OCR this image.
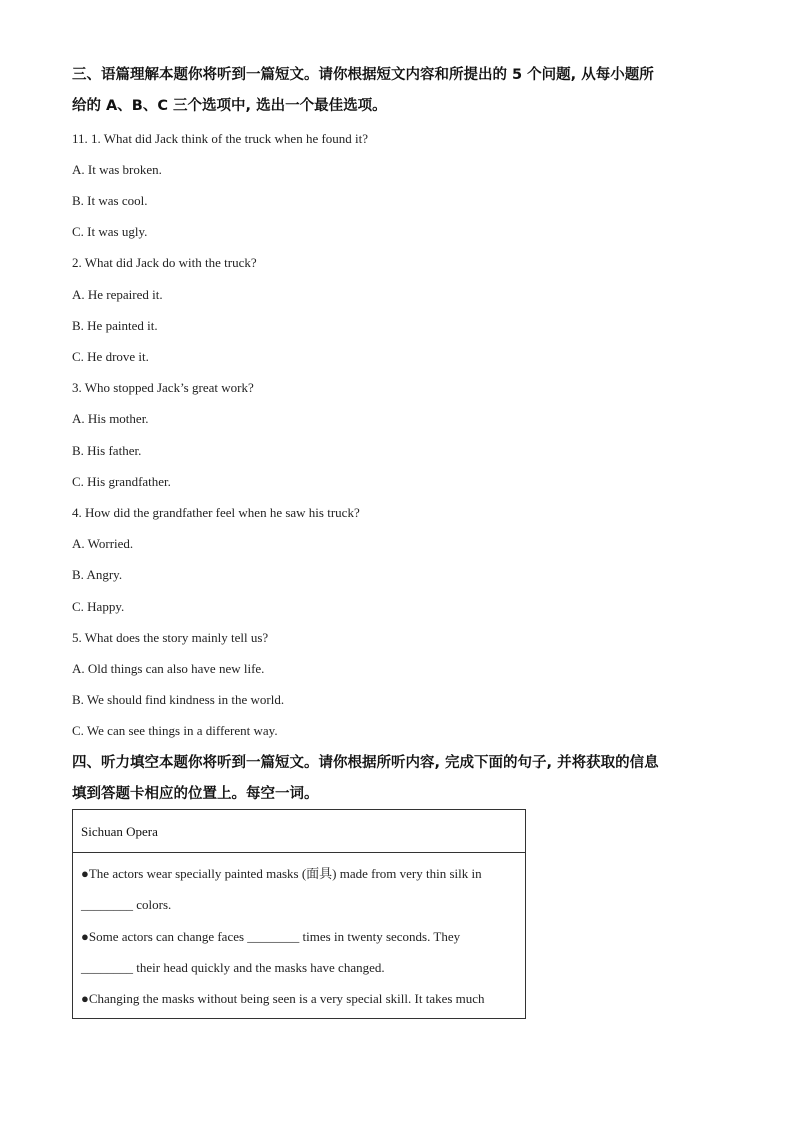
三、语篇理解本题你将听到一篇短文。请你根据短文内容和所提出的 5 个问题, 从每小题所
给的 A、B、C 三个选项中, 选出一个最佳选项。
11. 1. What did Jack think of the truck when he found it?
A. It was broken.
B. It was cool.
C. It was ugly.
2. What did Jack do with the truck?
A. He repaired it.
B. He painted it.
C. He drove it.
3. Who stopped Jack’s great work?
A. His mother.
B. His father.
C. His grandfather.
4. How did the grandfather feel when he saw his truck?
A. Worried.
B. Angry.
C. Happy.
5. What does the story mainly tell us?
A. Old things can also have new life.
B. We should find kindness in the world.
C. We can see things in a different way.
四、听力填空本题你将听到一篇短文。请你根据所听内容, 完成下面的句子, 并将获取的信息
填到答题卡相应的位置上。每空一词。
Sichuan Opera
●The actors wear specially painted masks (面具) made from very thin silk in
________ colors.
●Some actors can change faces ________ times in twenty seconds. They
________ their head quickly and the masks have changed.
●Changing the masks without being seen is a very special skill. It takes much
